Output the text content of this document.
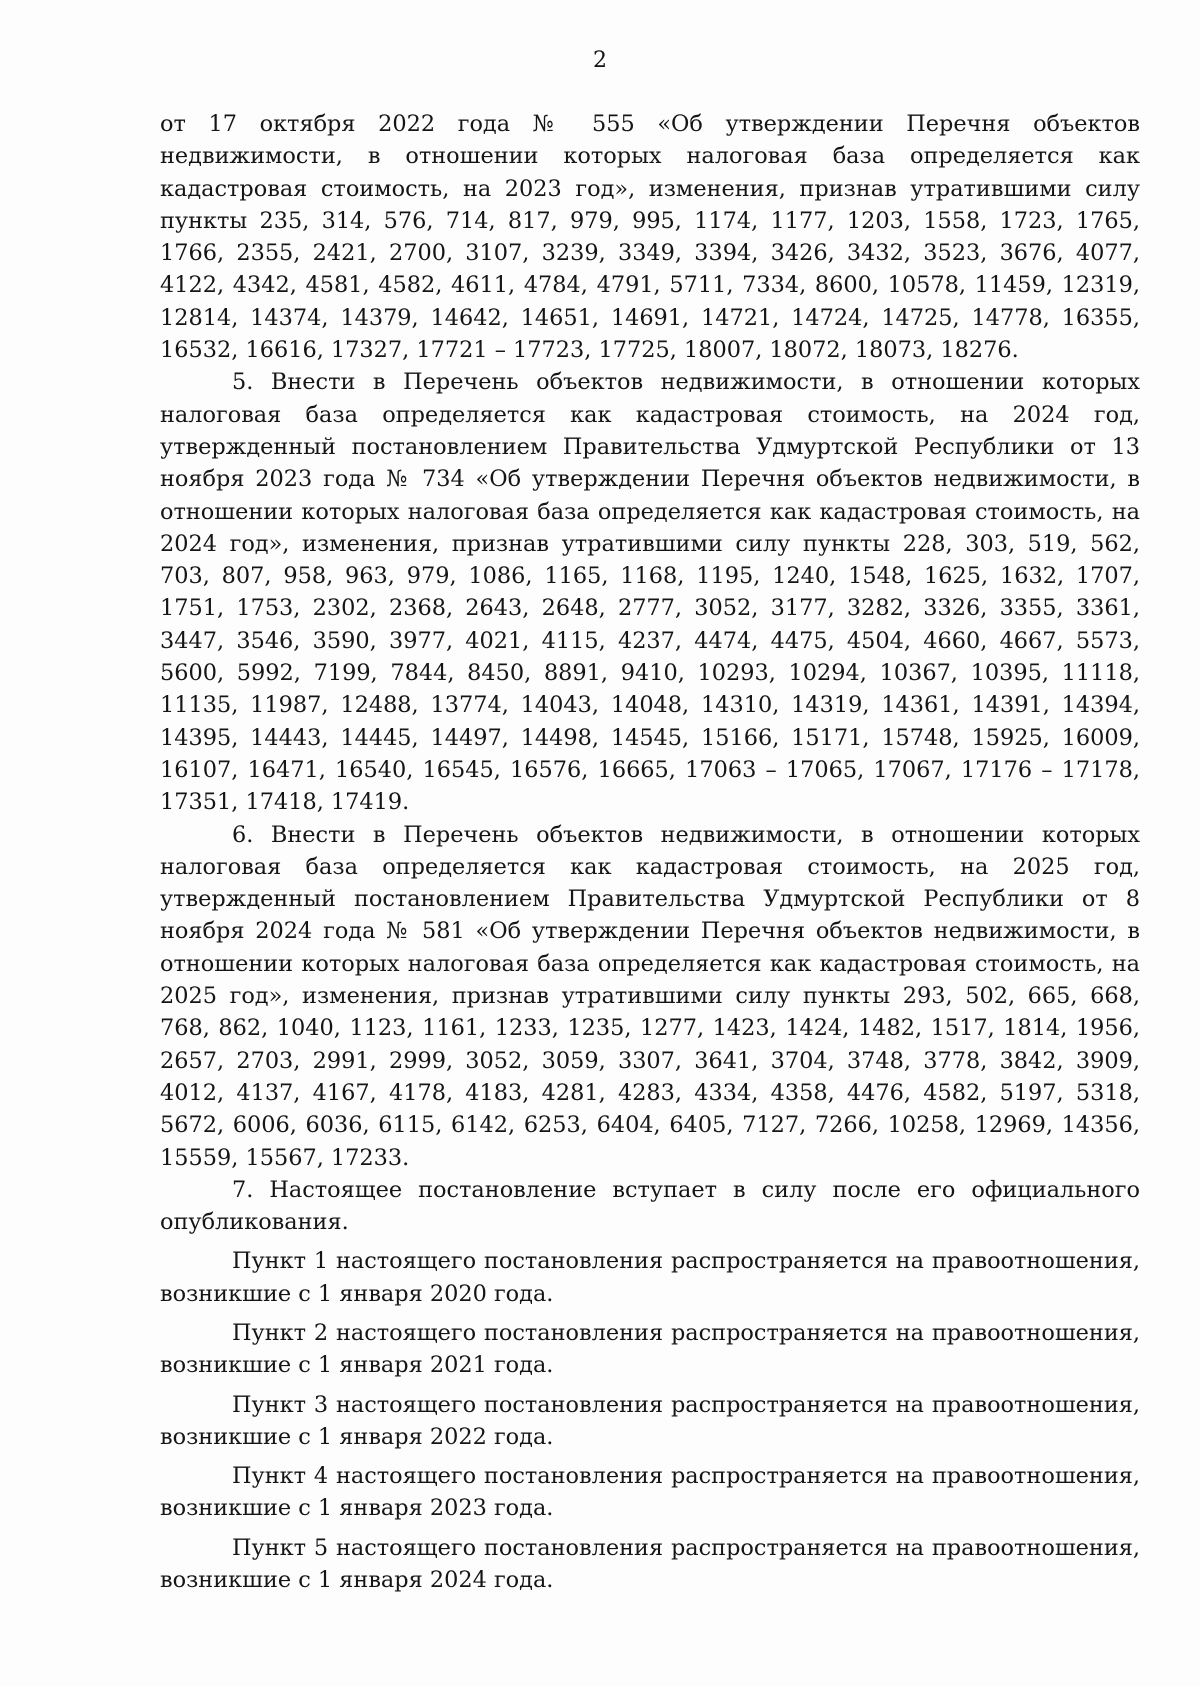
2

от 17 октября 2022 года № 555 «Об утверждении Перечня объектов недвижимости, в отношении которых налоговая база определяется как кадастровая стоимость, на 2023 год», изменения, признав утратившими силу пункты 235, 314, 576, 714, 817, 979, 995, 1174, 1177, 1203, 1558, 1723, 1765, 1766, 2355, 2421, 2700, 3107, 3239, 3349, 3394, 3426, 3432, 3523, 3676, 4077, 4122, 4342, 4581, 4582, 4611, 4784, 4791, 5711, 7334, 8600, 10578, 11459, 12319, 12814, 14374, 14379, 14642, 14651, 14691, 14721, 14724, 14725, 14778, 16355, 16532, 16616, 17327, 17721 – 17723, 17725, 18007, 18072, 18073, 18276.

5. Внести в Перечень объектов недвижимости, в отношении которых налоговая база определяется как кадастровая стоимость, на 2024 год, утвержденный постановлением Правительства Удмуртской Республики от 13 ноября 2023 года № 734 «Об утверждении Перечня объектов недвижимости, в отношении которых налоговая база определяется как кадастровая стоимость, на 2024 год», изменения, признав утратившими силу пункты 228, 303, 519, 562, 703, 807, 958, 963, 979, 1086, 1165, 1168, 1195, 1240, 1548, 1625, 1632, 1707, 1751, 1753, 2302, 2368, 2643, 2648, 2777, 3052, 3177, 3282, 3326, 3355, 3361, 3447, 3546, 3590, 3977, 4021, 4115, 4237, 4474, 4475, 4504, 4660, 4667, 5573, 5600, 5992, 7199, 7844, 8450, 8891, 9410, 10293, 10294, 10367, 10395, 11118, 11135, 11987, 12488, 13774, 14043, 14048, 14310, 14319, 14361, 14391, 14394, 14395, 14443, 14445, 14497, 14498, 14545, 15166, 15171, 15748, 15925, 16009, 16107, 16471, 16540, 16545, 16576, 16665, 17063 – 17065, 17067, 17176 – 17178, 17351, 17418, 17419.

6. Внести в Перечень объектов недвижимости, в отношении которых налоговая база определяется как кадастровая стоимость, на 2025 год, утвержденный постановлением Правительства Удмуртской Республики от 8 ноября 2024 года № 581 «Об утверждении Перечня объектов недвижимости, в отношении которых налоговая база определяется как кадастровая стоимость, на 2025 год», изменения, признав утратившими силу пункты 293, 502, 665, 668, 768, 862, 1040, 1123, 1161, 1233, 1235, 1277, 1423, 1424, 1482, 1517, 1814, 1956, 2657, 2703, 2991, 2999, 3052, 3059, 3307, 3641, 3704, 3748, 3778, 3842, 3909, 4012, 4137, 4167, 4178, 4183, 4281, 4283, 4334, 4358, 4476, 4582, 5197, 5318, 5672, 6006, 6036, 6115, 6142, 6253, 6404, 6405, 7127, 7266, 10258, 12969, 14356, 15559, 15567, 17233.

7. Настоящее постановление вступает в силу после его официального опубликования.

Пункт 1 настоящего постановления распространяется на правоотношения, возникшие с 1 января 2020 года.

Пункт 2 настоящего постановления распространяется на правоотношения, возникшие с 1 января 2021 года.

Пункт 3 настоящего постановления распространяется на правоотношения, возникшие с 1 января 2022 года.

Пункт 4 настоящего постановления распространяется на правоотношения, возникшие с 1 января 2023 года.

Пункт 5 настоящего постановления распространяется на правоотношения, возникшие с 1 января 2024 года.
